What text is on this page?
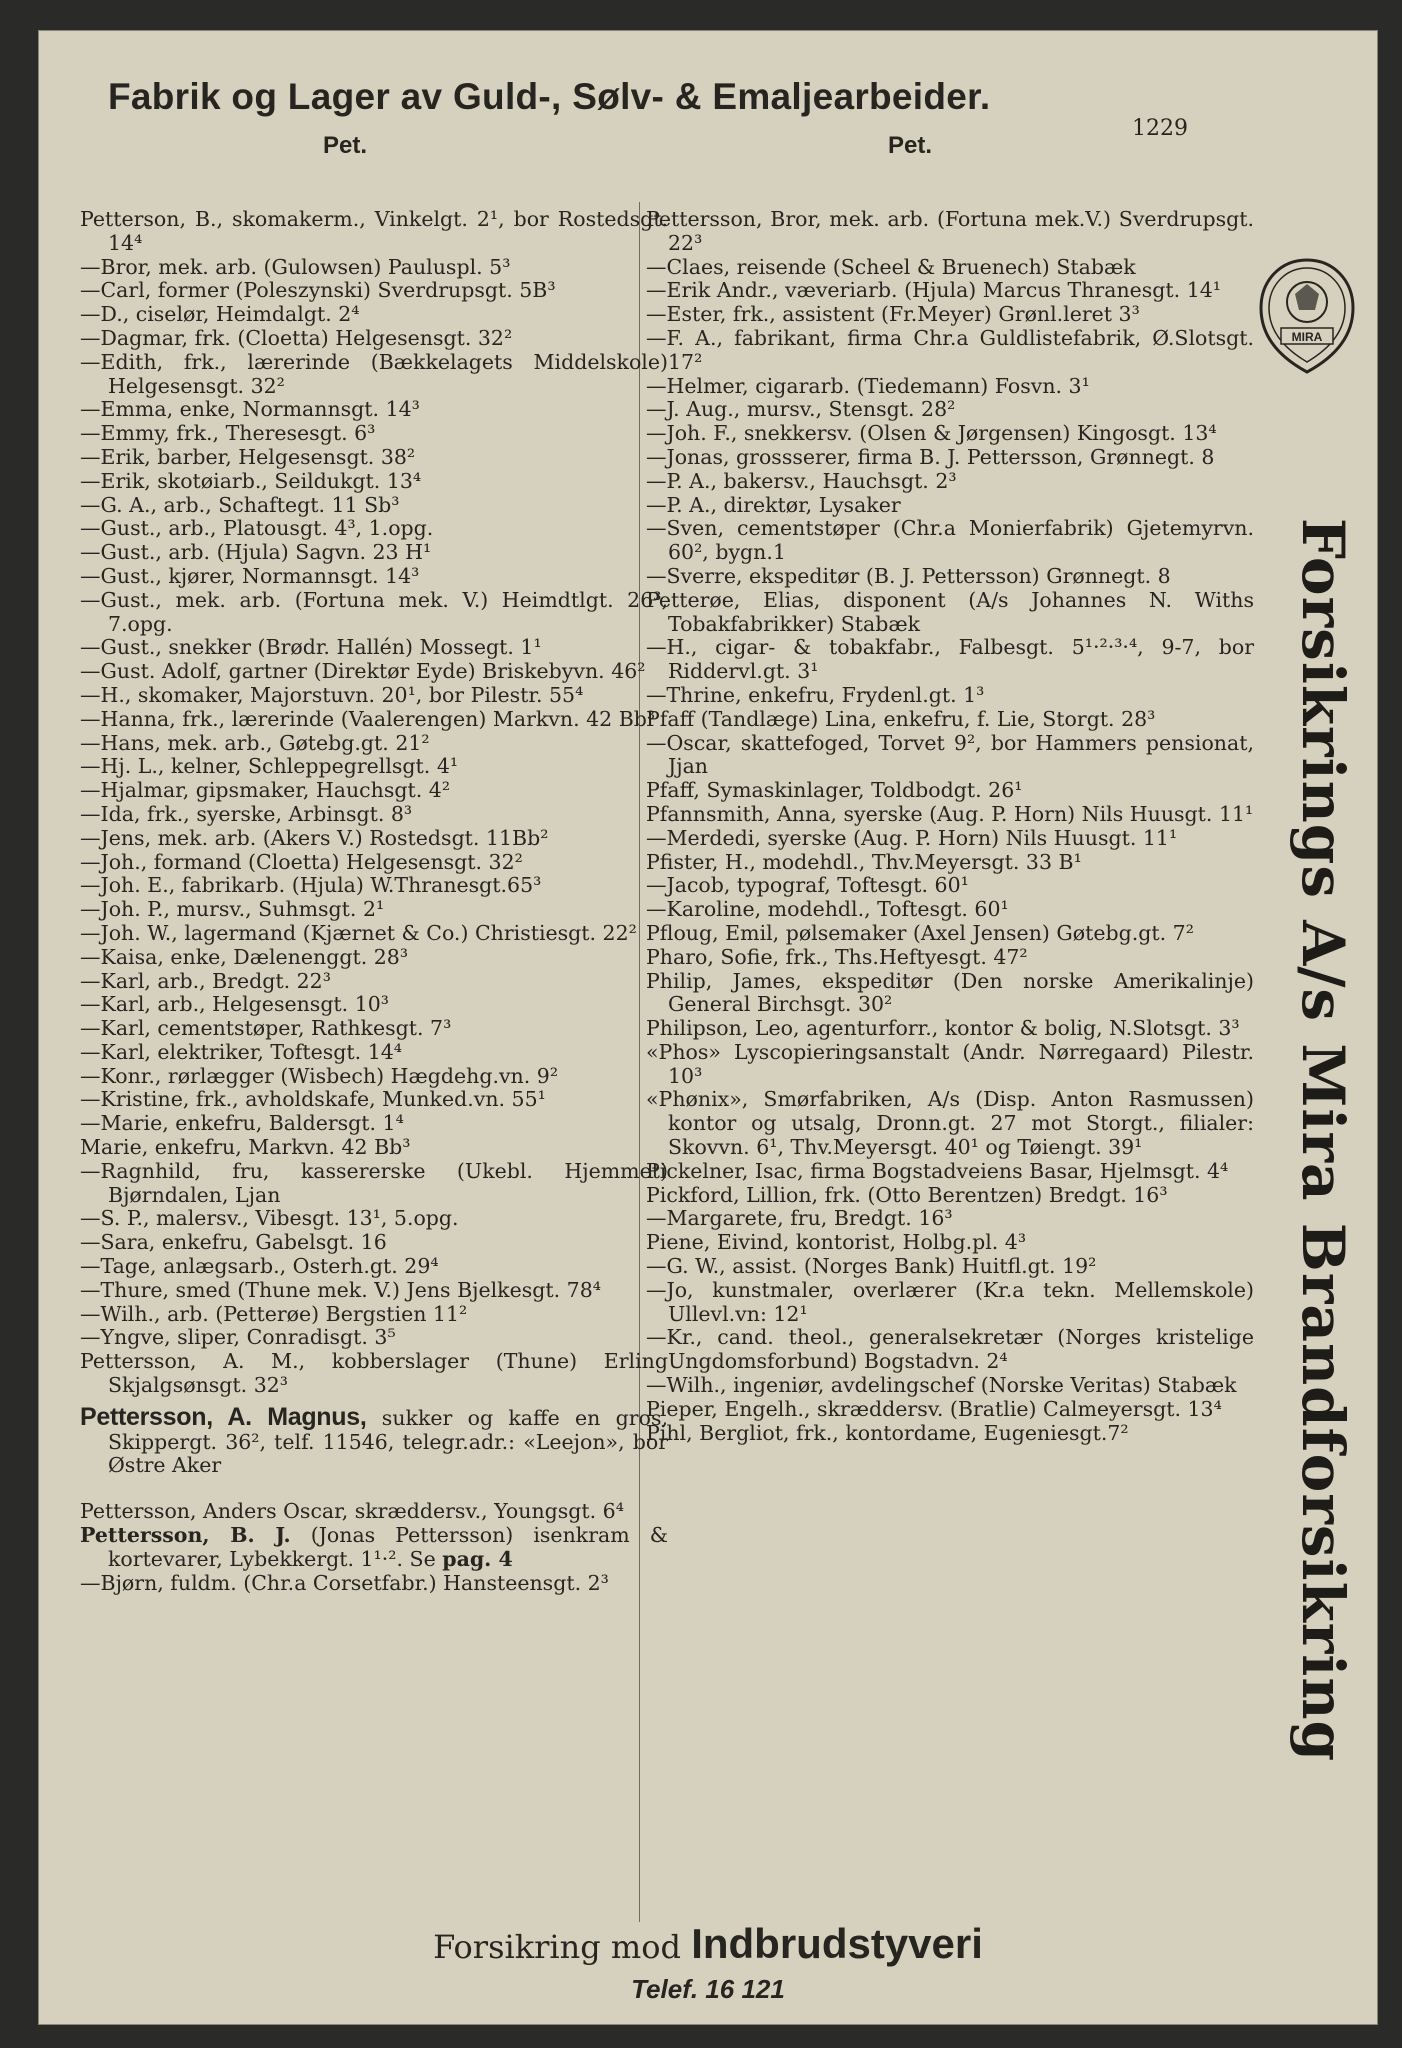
Fabrik og Lager av Guld-, Sølv- & Emaljearbeider.
Pet.	Pet.
1229

Petterson, B., skomakerm., Vinkelgt. 2¹, bor Rostedsgt. 14⁴

—Bror, mek. arb. (Gulowsen) Pauluspl. 5³

—Carl, former (Poleszynski) Sverdrupsgt. 5B³

—D., ciselør, Heimdalgt. 2⁴

—Dagmar, frk. (Cloetta) Helgesensgt. 32²

—Edith, frk., lærerinde (Bækkelagets Middelskole) Helgesensgt. 32²

—Emma, enke, Normannsgt. 14³

—Emmy, frk., Theresesgt. 6³

—Erik, barber, Helgesensgt. 38²

—Erik, skotøiarb., Seildukgt. 13⁴

—G. A., arb., Schaftegt. 11 Sb³

—Gust., arb., Platousgt. 4³, 1.opg.

—Gust., arb. (Hjula) Sagvn. 23 H¹

—Gust., kjører, Normannsgt. 14³

—Gust., mek. arb. (Fortuna mek. V.) Heimdtlgt. 26³, 7.opg.

—Gust., snekker (Brødr. Hallén) Mossegt. 1¹

—Gust. Adolf, gartner (Direktør Eyde) Briskebyvn. 46²

—H., skomaker, Majorstuvn. 20¹, bor Pilestr. 55⁴

—Hanna, frk., lærerinde (Vaalerengen) Markvn. 42 Bb³

—Hans, mek. arb., Gøtebg.gt. 21²

—Hj. L., kelner, Schleppegrellsgt. 4¹

—Hjalmar, gipsmaker, Hauchsgt. 4²

—Ida, frk., syerske, Arbinsgt. 8³

—Jens, mek. arb. (Akers V.) Rostedsgt. 11Bb²

—Joh., formand (Cloetta) Helgesensgt. 32²

—Joh. E., fabrikarb. (Hjula) W.Thranesgt.65³

—Joh. P., mursv., Suhmsgt. 2¹

—Joh. W., lagermand (Kjærnet & Co.) Christiesgt. 22²

—Kaisa, enke, Dælenenggt. 28³

—Karl, arb., Bredgt. 22³

—Karl, arb., Helgesensgt. 10³

—Karl, cementstøper, Rathkesgt. 7³

—Karl, elektriker, Toftesgt. 14⁴

—Konr., rørlægger (Wisbech) Hægdehg.vn. 9²

—Kristine, frk., avholdskafe, Munked.vn. 55¹

—Marie, enkefru, Baldersgt. 1⁴

Marie, enkefru, Markvn. 42 Bb³

—Ragnhild, fru, kassererske (Ukebl. Hjemmet) Bjørndalen, Ljan

—S. P., malersv., Vibesgt. 13¹, 5.opg.

—Sara, enkefru, Gabelsgt. 16

—Tage, anlægsarb., Osterh.gt. 29⁴

—Thure, smed (Thune mek. V.) Jens Bjelkesgt. 78⁴

—Wilh., arb. (Petterøe) Bergstien 11²

—Yngve, sliper, Conradisgt. 3⁵

Pettersson, A. M., kobberslager (Thune) Erling Skjalgsønsgt. 32³

Pettersson, A. Magnus, sukker og kaffe en gros, Skippergt. 36², telf. 11546, telegr.adr.: «Leejon», bor Østre Aker

Pettersson, Anders Oscar, skræddersv., Youngsgt. 6⁴

Pettersson, B. J. (Jonas Pettersson) isenkram & kortevarer, Lybekkergt. 1¹·². Se pag. 4

—Bjørn, fuldm. (Chr.a Corsetfabr.) Hansteensgt. 2³

Pettersson, Bror, mek. arb. (Fortuna mek.V.) Sverdrupsgt. 22³

—Claes, reisende (Scheel & Bruenech) Stabæk

—Erik Andr., væveriarb. (Hjula) Marcus Thranesgt. 14¹

—Ester, frk., assistent (Fr.Meyer) Grønl.leret 3³

—F. A., fabrikant, firma Chr.a Guldlistefabrik, Ø.Slotsgt. 17²

—Helmer, cigararb. (Tiedemann) Fosvn. 3¹

—J. Aug., mursv., Stensgt. 28²

—Joh. F., snekkersv. (Olsen & Jørgensen) Kingosgt. 13⁴

—Jonas, grossserer, firma B. J. Pettersson, Grønnegt. 8

—P. A., bakersv., Hauchsgt. 2³

—P. A., direktør, Lysaker

—Sven, cementstøper (Chr.a Monierfabrik) Gjetemyrvn. 60², bygn.1

—Sverre, ekspeditør (B. J. Pettersson) Grønnegt. 8

Petterøe, Elias, disponent (A/s Johannes N. Withs Tobakfabrikker) Stabæk

—H., cigar- & tobakfabr., Falbesgt. 5¹·²·³·⁴, 9-7, bor Riddervl.gt. 3¹

—Thrine, enkefru, Frydenl.gt. 1³

Pfaff (Tandlæge) Lina, enkefru, f. Lie, Storgt. 28³

—Oscar, skattefoged, Torvet 9², bor Hammers pensionat, Jjan

Pfaff, Symaskinlager, Toldbodgt. 26¹

Pfannsmith, Anna, syerske (Aug. P. Horn) Nils Huusgt. 11¹

—Merdedi, syerske (Aug. P. Horn) Nils Huusgt. 11¹

Pfister, H., modehdl., Thv.Meyersgt. 33 B¹

—Jacob, typograf, Toftesgt. 60¹

—Karoline, modehdl., Toftesgt. 60¹

Pfloug, Emil, pølsemaker (Axel Jensen) Gøtebg.gt. 7²

Pharo, Sofie, frk., Ths.Heftyesgt. 47²

Philip, James, ekspeditør (Den norske Amerikalinje) General Birchsgt. 30²

Philipson, Leo, agenturforr., kontor & bolig, N.Slotsgt. 3³

«Phos» Lyscopieringsanstalt (Andr. Nørregaard) Pilestr. 10³

«Phønix», Smørfabriken, A/s (Disp. Anton Rasmussen) kontor og utsalg, Dronn.gt. 27 mot Storgt., filialer: Skovvn. 6¹, Thv.Meyersgt. 40¹ og Tøiengt. 39¹

Pickelner, Isac, firma Bogstadveiens Basar, Hjelmsgt. 4⁴

Pickford, Lillion, frk. (Otto Berentzen) Bredgt. 16³

—Margarete, fru, Bredgt. 16³

Piene, Eivind, kontorist, Holbg.pl. 4³

—G. W., assist. (Norges Bank) Huitfl.gt. 19²

—Jo, kunstmaler, overlærer (Kr.a tekn. Mellemskole) Ullevl.vn: 12¹

—Kr., cand. theol., generalsekretær (Norges kristelige Ungdomsforbund) Bogstadvn. 2⁴

—Wilh., ingeniør, avdelingschef (Norske Veritas) Stabæk

Pieper, Engelh., skræddersv. (Bratlie) Calmeyersgt. 13⁴

Pihl, Bergliot, frk., kontordame, Eugeniesgt.7²

MIRA
Forsikrings A/s Mira Brandforsikring
Forsikring mod Indbrudstyveri
Telef. 16 121
